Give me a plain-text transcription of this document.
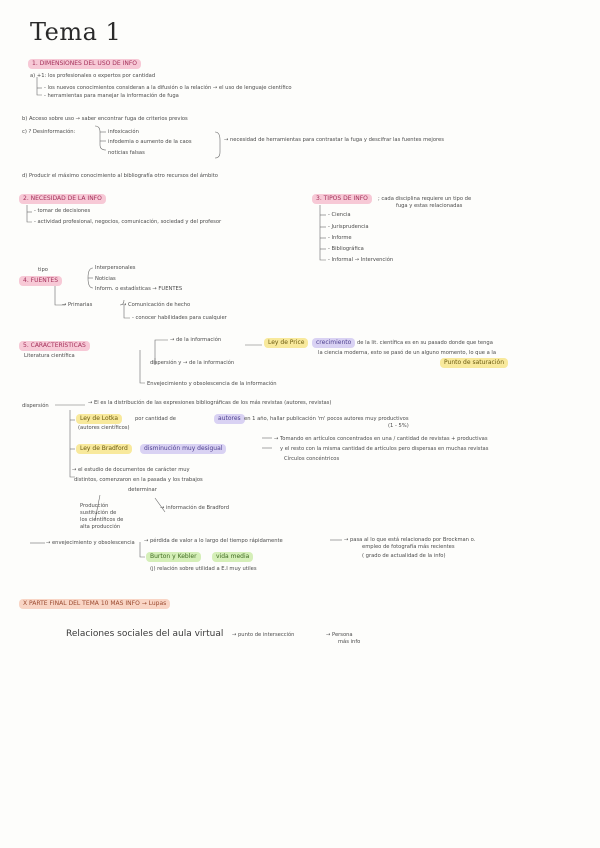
Tema 1
1. DIMENSIONES DEL USO DE INFO
a) +1: los profesionales o expertos por cantidad
- los nuevos conocimientos consideran a la difusión o la relación → el uso de lenguaje científico
- herramientas para manejar la información de fuga
b) Acceso sobre uso → saber encontrar fuga de criterios previos
c) ? Desinformación:	infoxicación
infodemia o aumento de la caos
noticias falsas
→ necesidad de herramientas para contrastar la fuga y descifrar las fuentes mejores
d) Producir el máximo conocimiento al bibliografía otro recursos del ámbito
2. NECESIDAD DE LA INFO
- tomar de decisiones
- actividad profesional, negocios, comunicación, sociedad y del profesor
3. TIPOS DE INFO	; cada disciplina requiere un tipo de
fuga y estas relacionadas
- Ciencia
- Jurisprudencia
- Informe
- Bibliográfica
- Informal → Intervención
tipo
4. FUENTES
Interpersonales
Noticias
Inform. o estadísticas → FUENTES
→ Primarias	→ Comunicación de hecho
- conocer habilidades para cualquier
5. CARACTERÍSTICAS
Literatura científica
→ de la información	Ley de Price	crecimiento	de la lit. científica es en su pasado donde que tenga
la ciencia moderna, esto se pasó de un alguno momento, lo que a la
Punto de saturación
dispersión y → de la información
Envejecimiento y obsolescencia de la información
dispersión	→ El es la distribución de las expresiones bibliográficas de los más revistas (autores, revistas)
Ley de Lotka	por cantidad de	autores en 1 año, hallar publicación 'm' pocos autores muy productivos
(autores científicos)	(1 - 5%)
Ley de Bradford	disminución muy desigual
→ Tomando en artículos concentrados en una / cantidad de revistas + productivas
y el resto con la misma cantidad de artículos pero dispersas en muchas revistas
Círculos concéntricos
→ el estudio de documentos de carácter muy
distintos, comenzaron en la pasada y los trabajos
determinar
Producción
sustitución de
los científicos de
alta producción
→ información de Bradford
→ envejecimiento y obsolescencia → pérdida de valor a lo largo del tiempo rápidamente	→ pasa al lo que está relacionado por Brockman o.
empleo de fotografía más recientes
( grado de actualidad de la info)
Burton y Kebler	vida media
(j) relación sobre utilidad a E.I muy utiles
X PARTE FINAL DEL TEMA 10 MAS INFO → Lupas
Relaciones sociales del aula virtual → punto de intersección	→ Persona
más info
